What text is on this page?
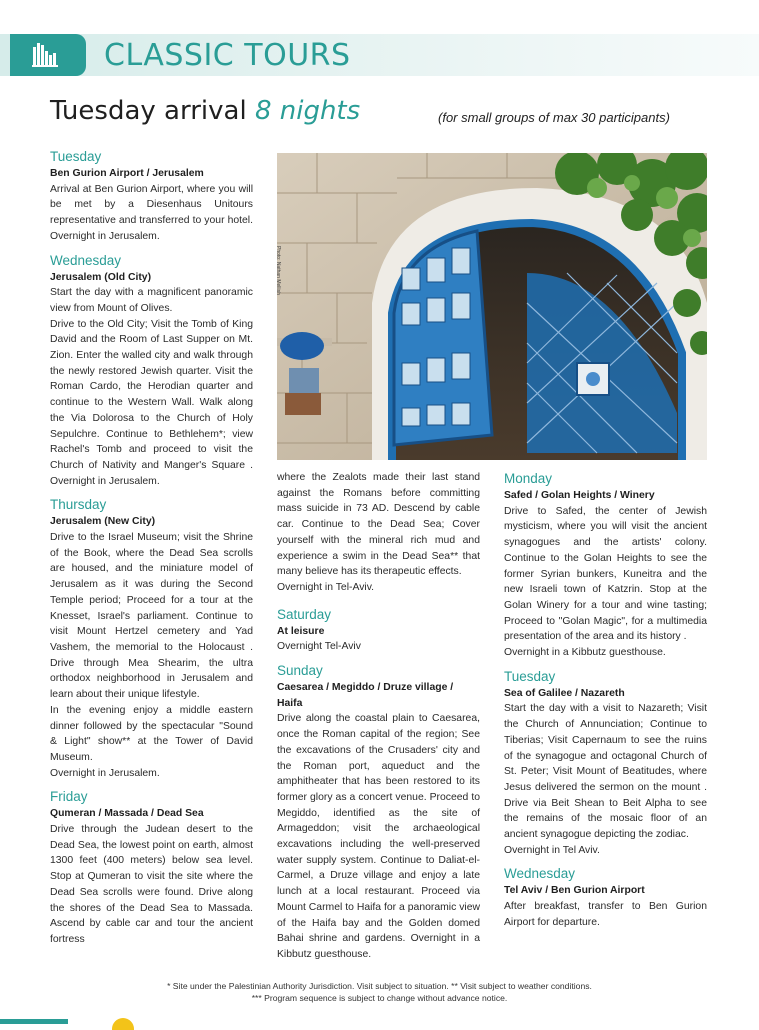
CLASSIC TOURS
Tuesday arrival 8 nights	(for small groups of max 30 participants)
Tuesday

Ben Gurion Airport / Jerusalem

Arrival at Ben Gurion Airport, where you will be met by a Diesenhaus Unitours representative and transferred to your hotel. Overnight in Jerusalem.

Wednesday

Jerusalem (Old City)

Start the day with a magnificent panoramic view from Mount of Olives.
Drive to the Old City; Visit the Tomb of King David and the Room of Last Supper on Mt. Zion. Enter the walled city and walk through the newly restored Jewish quarter. Visit the Roman Cardo, the Herodian quarter and continue to the Western Wall. Walk along the Via Dolorosa to the Church of Holy Sepulchre. Continue to Bethlehem*; view Rachel's Tomb and proceed to visit the Church of Nativity and Manger's Square . Overnight in Jerusalem.

Thursday

Jerusalem (New City)

Drive to the Israel Museum; visit the Shrine of the Book, where the Dead Sea scrolls are housed, and the miniature model of Jerusalem as it was during the Second Temple period; Proceed for a tour at the Knesset, Israel's parliament. Continue to visit Mount Hertzel cemetery and Yad Vashem, the memorial to the Holocaust . Drive through Mea Shearim, the ultra orthodox neighborhood in Jerusalem and learn about their unique lifestyle.
In the evening enjoy a middle eastern dinner followed by the spectacular "Sound & Light" show** at the Tower of David Museum.
Overnight in Jerusalem.

Friday

Qumeran / Massada / Dead Sea

Drive through the Judean desert to the Dead Sea, the lowest point on earth, almost 1300 feet (400 meters) below sea level. Stop at Qumeran to visit the site where the Dead Sea scrolls were found. Drive along the shores of the Dead Sea to Massada. Ascend by cable car and tour the ancient fortress

Photo: Nathan Mellish

where the Zealots made their last stand against the Romans before committing mass suicide in 73 AD. Descend by cable car. Continue to the Dead Sea; Cover yourself with the mineral rich mud and experience a swim in the Dead Sea** that many believe has its therapeutic effects.
Overnight in Tel-Aviv.

Saturday

At leisure

Overnight Tel-Aviv

Sunday

Caesarea / Megiddo / Druze village / Haifa

Drive along the coastal plain to Caesarea, once the Roman capital of the region; See the excavations of the Crusaders' city and the Roman port, aqueduct and the amphitheater that has been restored to its former glory as a concert venue. Proceed to Megiddo, identified as the site of Armageddon; visit the archaeological excavations including the well-preserved water supply system. Continue to Daliat-el-Carmel, a Druze village and enjoy a late lunch at a local restaurant. Proceed via Mount Carmel to Haifa for a panoramic view of the Haifa bay and the Golden domed Bahai shrine and gardens. Overnight in a Kibbutz guesthouse.

Monday

Safed / Golan Heights / Winery

Drive to Safed, the center of Jewish mysticism, where you will visit the ancient synagogues and the artists' colony. Continue to the Golan Heights to see the former Syrian bunkers, Kuneitra and the new Israeli town of Katzrin. Stop at the Golan Winery for a tour and wine tasting; Proceed to "Golan Magic", for a multimedia presentation of the area and its history .
Overnight in a Kibbutz guesthouse.

Tuesday

Sea of Galilee / Nazareth

Start the day with a visit to Nazareth; Visit the Church of Annunciation; Continue to Tiberias; Visit Capernaum to see the ruins of the synagogue and octagonal Church of St. Peter; Visit Mount of Beatitudes, where Jesus delivered the sermon on the mount . Drive via Beit Shean to Beit Alpha to see the remains of the mosaic floor of an ancient synagogue depicting the zodiac.
Overnight in Tel Aviv.

Wednesday

Tel Aviv / Ben Gurion Airport

After breakfast, transfer to Ben Gurion Airport for departure.

* Site under the Palestinian Authority Jurisdiction. Visit subject to situation. ** Visit subject to weather conditions.

*** Program sequence is subject to change without advance notice.
